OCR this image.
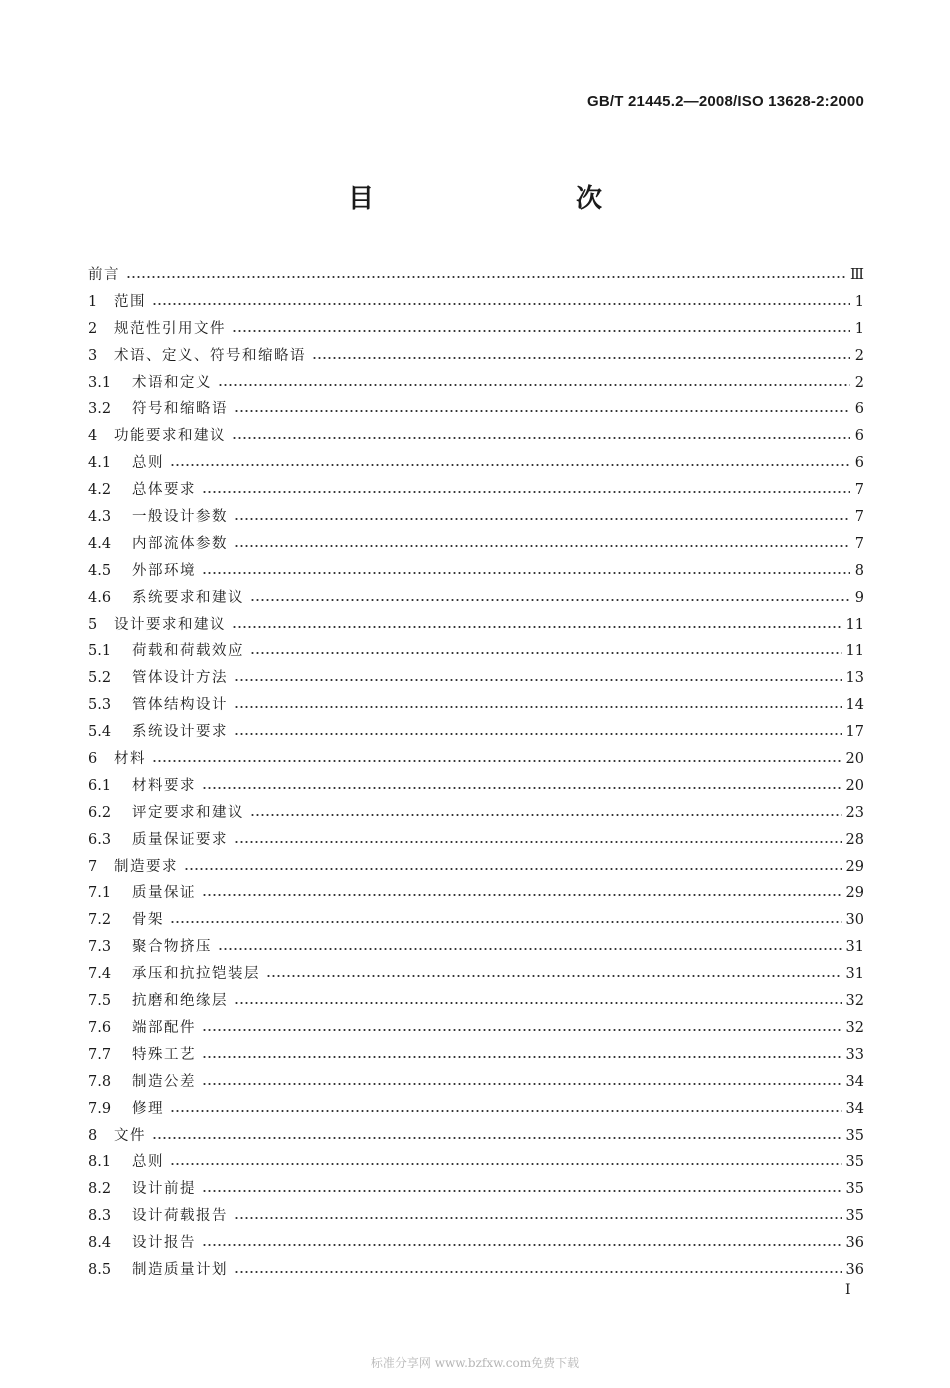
GB/T 21445.2—2008/ISO 13628-2:2000
目　　次
前言	Ⅲ
1	范围	1
2	规范性引用文件	1
3	术语、定义、符号和缩略语	2
3.1	术语和定义	2
3.2	符号和缩略语	6
4	功能要求和建议	6
4.1	总则	6
4.2	总体要求	7
4.3	一般设计参数	7
4.4	内部流体参数	7
4.5	外部环境	8
4.6	系统要求和建议	9
5	设计要求和建议	11
5.1	荷载和荷载效应	11
5.2	管体设计方法	13
5.3	管体结构设计	14
5.4	系统设计要求	17
6	材料	20
6.1	材料要求	20
6.2	评定要求和建议	23
6.3	质量保证要求	28
7	制造要求	29
7.1	质量保证	29
7.2	骨架	30
7.3	聚合物挤压	31
7.4	承压和抗拉铠装层	31
7.5	抗磨和绝缘层	32
7.6	端部配件	32
7.7	特殊工艺	33
7.8	制造公差	34
7.9	修理	34
8	文件	35
8.1	总则	35
8.2	设计前提	35
8.3	设计荷载报告	35
8.4	设计报告	36
8.5	制造质量计划	36
I
标准分享网 www.bzfxw.com免费下载
